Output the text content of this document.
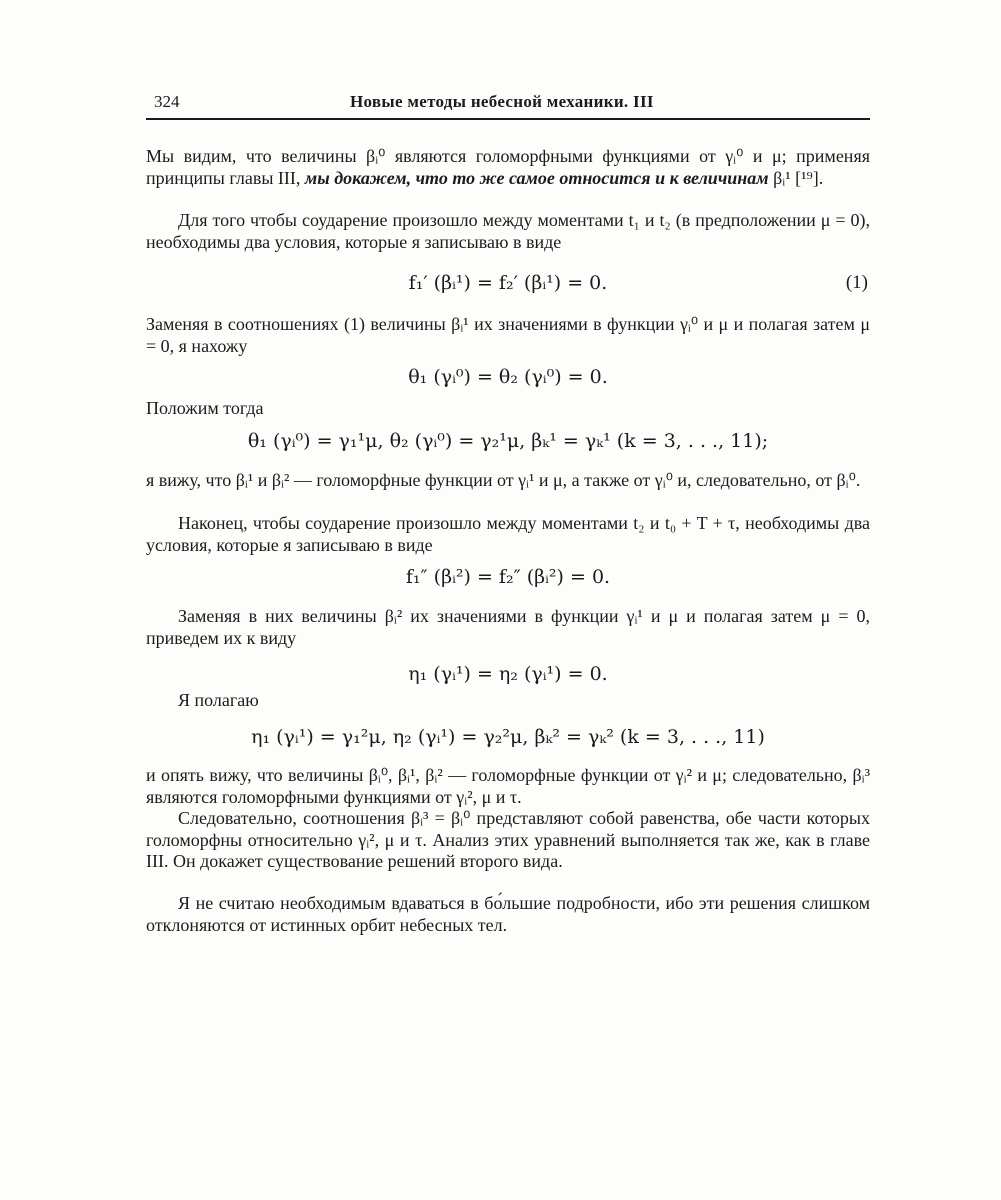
324	Новые методы небесной механики. III
Мы видим, что величины βᵢ⁰ являются голоморфными функциями от γᵢ⁰ и μ; применяя принципы главы III, мы докажем, что то же самое относится и к величинам βᵢ¹ [¹⁹].
Для того чтобы соударение произошло между моментами t₁ и t₂ (в предположении μ = 0), необходимы два условия, которые я записываю в виде
f₁′ (βᵢ¹) = f₂′ (βᵢ¹) = 0.	(1)
Заменяя в соотношениях (1) величины βᵢ¹ их значениями в функции γᵢ⁰ и μ и полагая затем μ = 0, я нахожу
θ₁ (γᵢ⁰) = θ₂ (γᵢ⁰) = 0.
Положим тогда
θ₁ (γᵢ⁰) = γ₁¹μ, θ₂ (γᵢ⁰) = γ₂¹μ, βₖ¹ = γₖ¹ (k = 3, . . ., 11);
я вижу, что βᵢ¹ и βᵢ² — голоморфные функции от γᵢ¹ и μ, а также от γᵢ⁰ и, следовательно, от βᵢ⁰.
Наконец, чтобы соударение произошло между моментами t₂ и t₀ + T + τ, необходимы два условия, которые я записываю в виде
f₁″ (βᵢ²) = f₂″ (βᵢ²) = 0.
Заменяя в них величины βᵢ² их значениями в функции γᵢ¹ и μ и полагая затем μ = 0, приведем их к виду
η₁ (γᵢ¹) = η₂ (γᵢ¹) = 0.
Я полагаю
η₁ (γᵢ¹) = γ₁²μ, η₂ (γᵢ¹) = γ₂²μ, βₖ² = γₖ² (k = 3, . . ., 11)
и опять вижу, что величины βᵢ⁰, βᵢ¹, βᵢ² — голоморфные функции от γᵢ² и μ; следовательно, βᵢ³ являются голоморфными функциями от γᵢ², μ и τ.
Следовательно, соотношения βᵢ³ = βᵢ⁰ представляют собой равенства, обе части которых голоморфны относительно γᵢ², μ и τ. Анализ этих уравнений выполняется так же, как в главе III. Он докажет существование решений второго вида.
Я не считаю необходимым вдаваться в бо́льшие подробности, ибо эти решения слишком отклоняются от истинных орбит небесных тел.
